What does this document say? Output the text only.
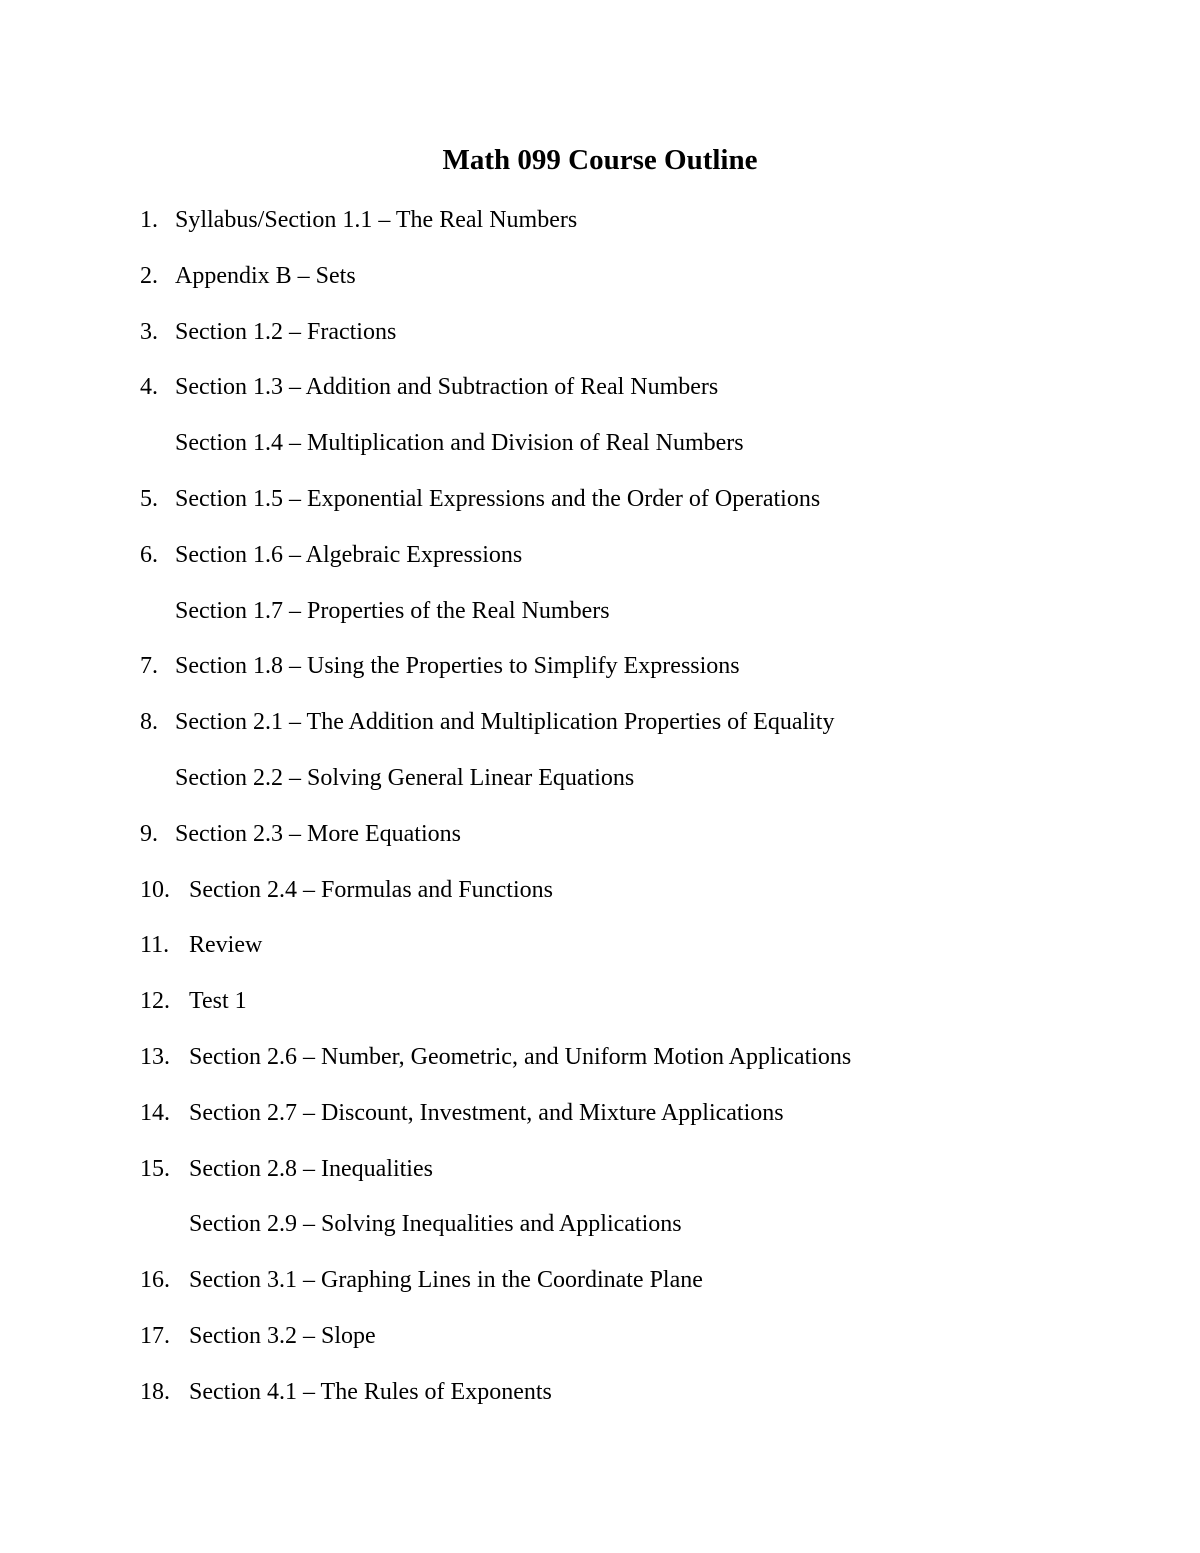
Math 099 Course Outline
1. Syllabus/Section 1.1 – The Real Numbers
2. Appendix B – Sets
3. Section 1.2 – Fractions
4. Section 1.3 – Addition and Subtraction of Real Numbers
Section 1.4 – Multiplication and Division of Real Numbers
5. Section 1.5 – Exponential Expressions and the Order of Operations
6. Section 1.6 – Algebraic Expressions
Section 1.7 – Properties of the Real Numbers
7. Section 1.8 – Using the Properties to Simplify Expressions
8. Section 2.1 – The Addition and Multiplication Properties of Equality
Section 2.2 – Solving General Linear Equations
9. Section 2.3 – More Equations
10. Section 2.4 – Formulas and Functions
11. Review
12. Test 1
13. Section 2.6 – Number, Geometric, and Uniform Motion Applications
14. Section 2.7 – Discount, Investment, and Mixture Applications
15. Section 2.8 – Inequalities
Section 2.9 – Solving Inequalities and Applications
16. Section 3.1 – Graphing Lines in the Coordinate Plane
17. Section 3.2 – Slope
18. Section 4.1 – The Rules of Exponents
